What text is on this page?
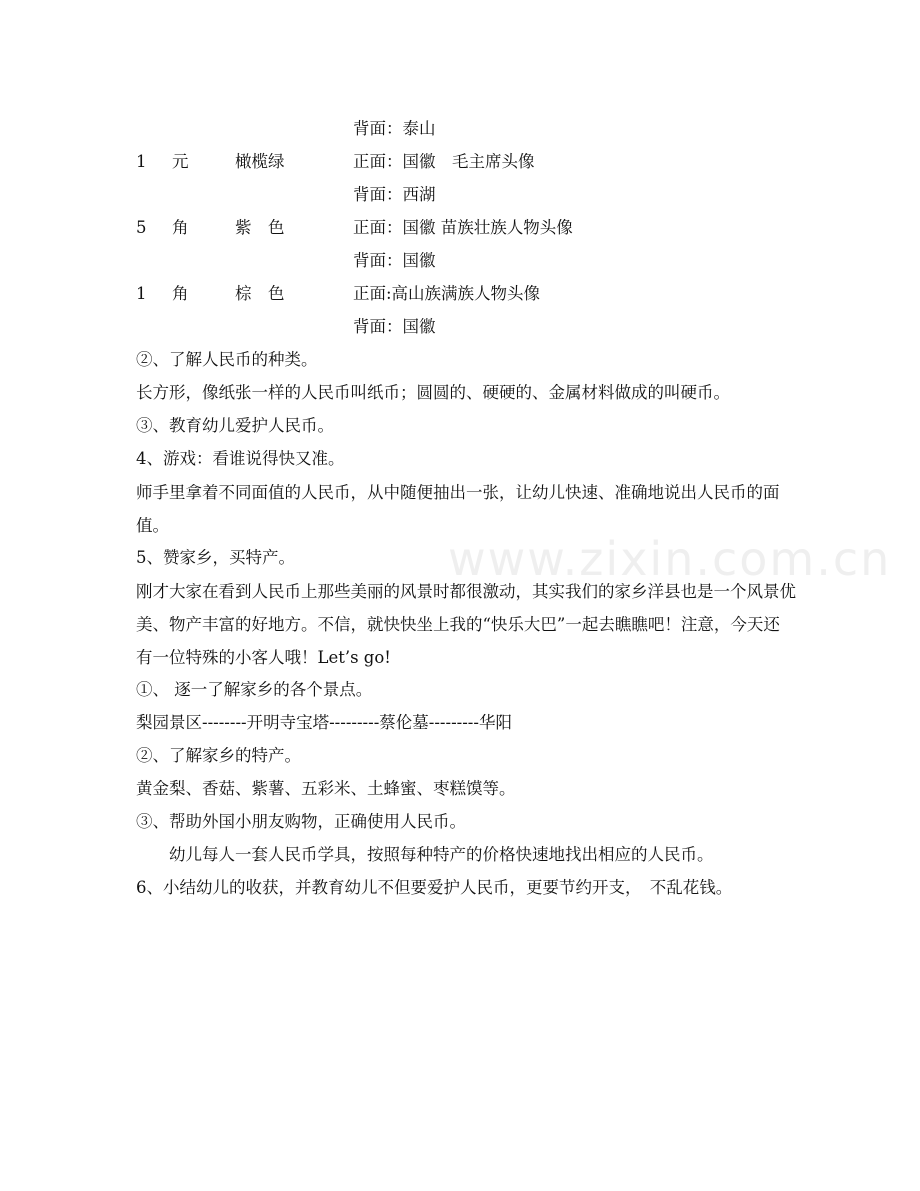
www.zixin.com.cn
背面：泰山
1 元	橄榄绿	正面：国徽　毛主席头像
背面：西湖
5 角	紫　色	正面：国徽 苗族壮族人物头像
背面：国徽
1 角	棕　色	正面:高山族满族人物头像
背面：国徽
②、了解人民币的种类。
长方形，像纸张一样的人民币叫纸币；圆圆的、硬硬的、金属材料做成的叫硬币。
③、教育幼儿爱护人民币。
4、游戏：看谁说得快又准。
师手里拿着不同面值的人民币，从中随便抽出一张，让幼儿快速、准确地说出人民币的面值。
5、赞家乡，买特产。
刚才大家在看到人民币上那些美丽的风景时都很激动，其实我们的家乡洋县也是一个风景优美、物产丰富的好地方。不信，就快快坐上我的“快乐大巴”一起去瞧瞧吧！注意，今天还有一位特殊的小客人哦！Let’s go!
①、 逐一了解家乡的各个景点。
梨园景区--------开明寺宝塔---------蔡伦墓---------华阳
②、了解家乡的特产。
黄金梨、香菇、紫薯、五彩米、土蜂蜜、枣糕馍等。
③、帮助外国小朋友购物，正确使用人民币。
　　幼儿每人一套人民币学具，按照每种特产的价格快速地找出相应的人民币。
6、小结幼儿的收获，并教育幼儿不但要爱护人民币，更要节约开支，　不乱花钱。
